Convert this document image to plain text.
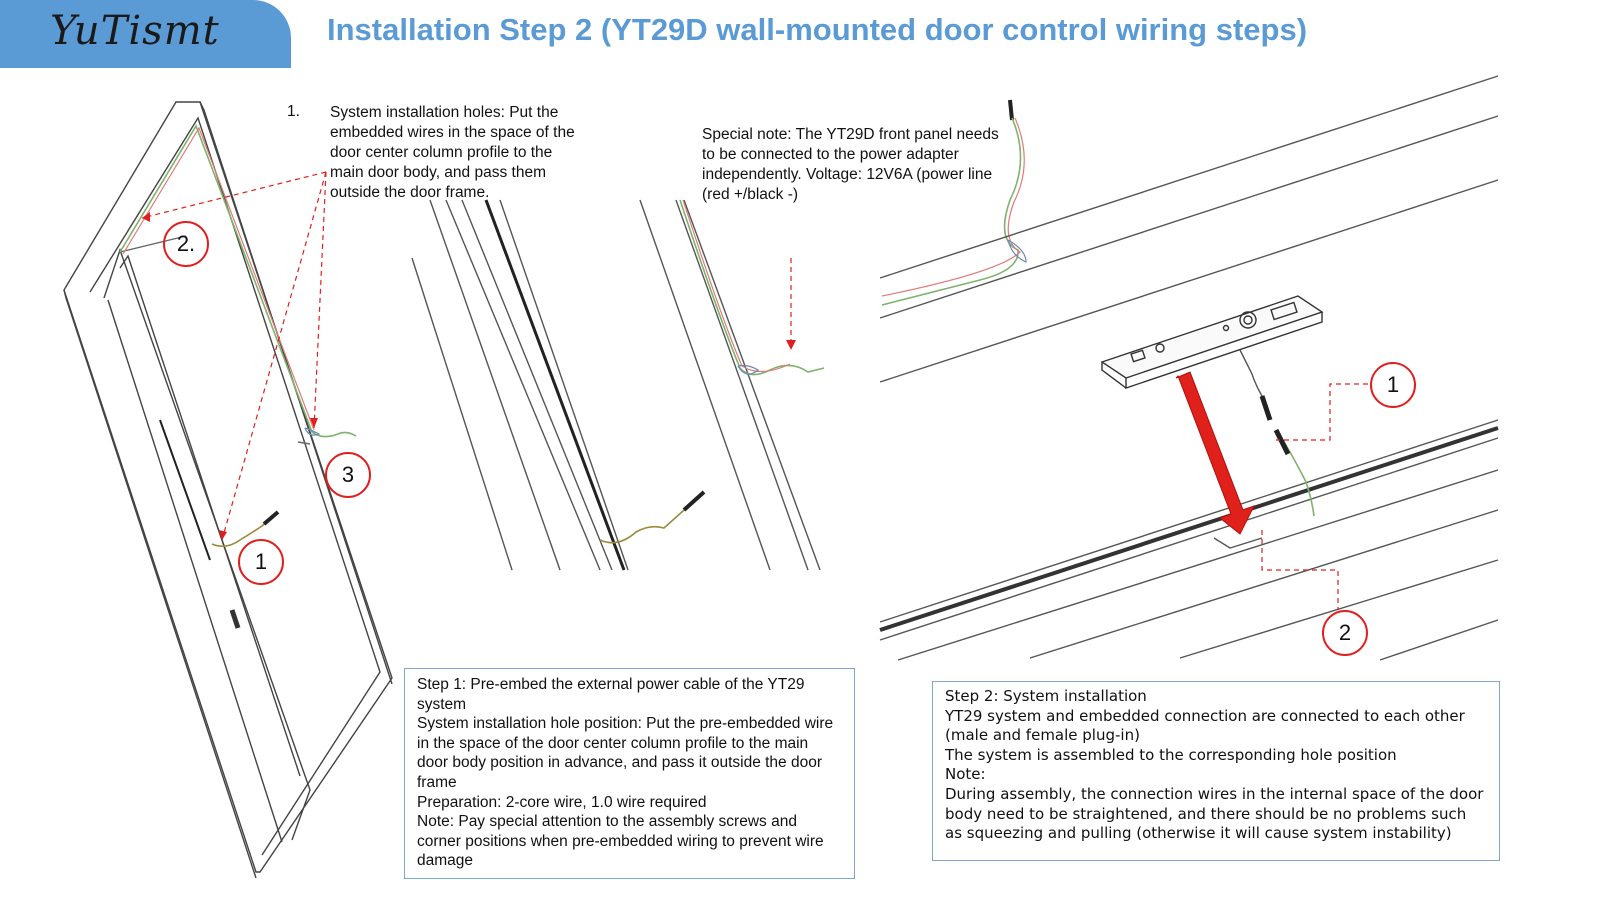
YuTismt	Installation Step 2 (YT29D wall-mounted door control wiring steps)
1. System installation holes: Put the embedded wires in the space of the door center column profile to the main door body, and pass them outside the door frame.
Special note: The YT29D front panel needs to be connected to the power adapter independently. Voltage: 12V6A (power line (red +/black -)
2.
3
1
1
2

Step 1: Pre-embed the external power cable of the YT29 system

System installation hole position: Put the pre-embedded wire in the space of the door center column profile to the main door body position in advance, and pass it outside the door frame

Preparation: 2-core wire, 1.0 wire required

Note: Pay special attention to the assembly screws and corner positions when pre-embedded wiring to prevent wire damage

Step 2: System installation

YT29 system and embedded connection are connected to each other (male and female plug-in)

The system is assembled to the corresponding hole position

Note:

During assembly, the connection wires in the internal space of the door body need to be straightened, and there should be no problems such as squeezing and pulling (otherwise it will cause system instability)
